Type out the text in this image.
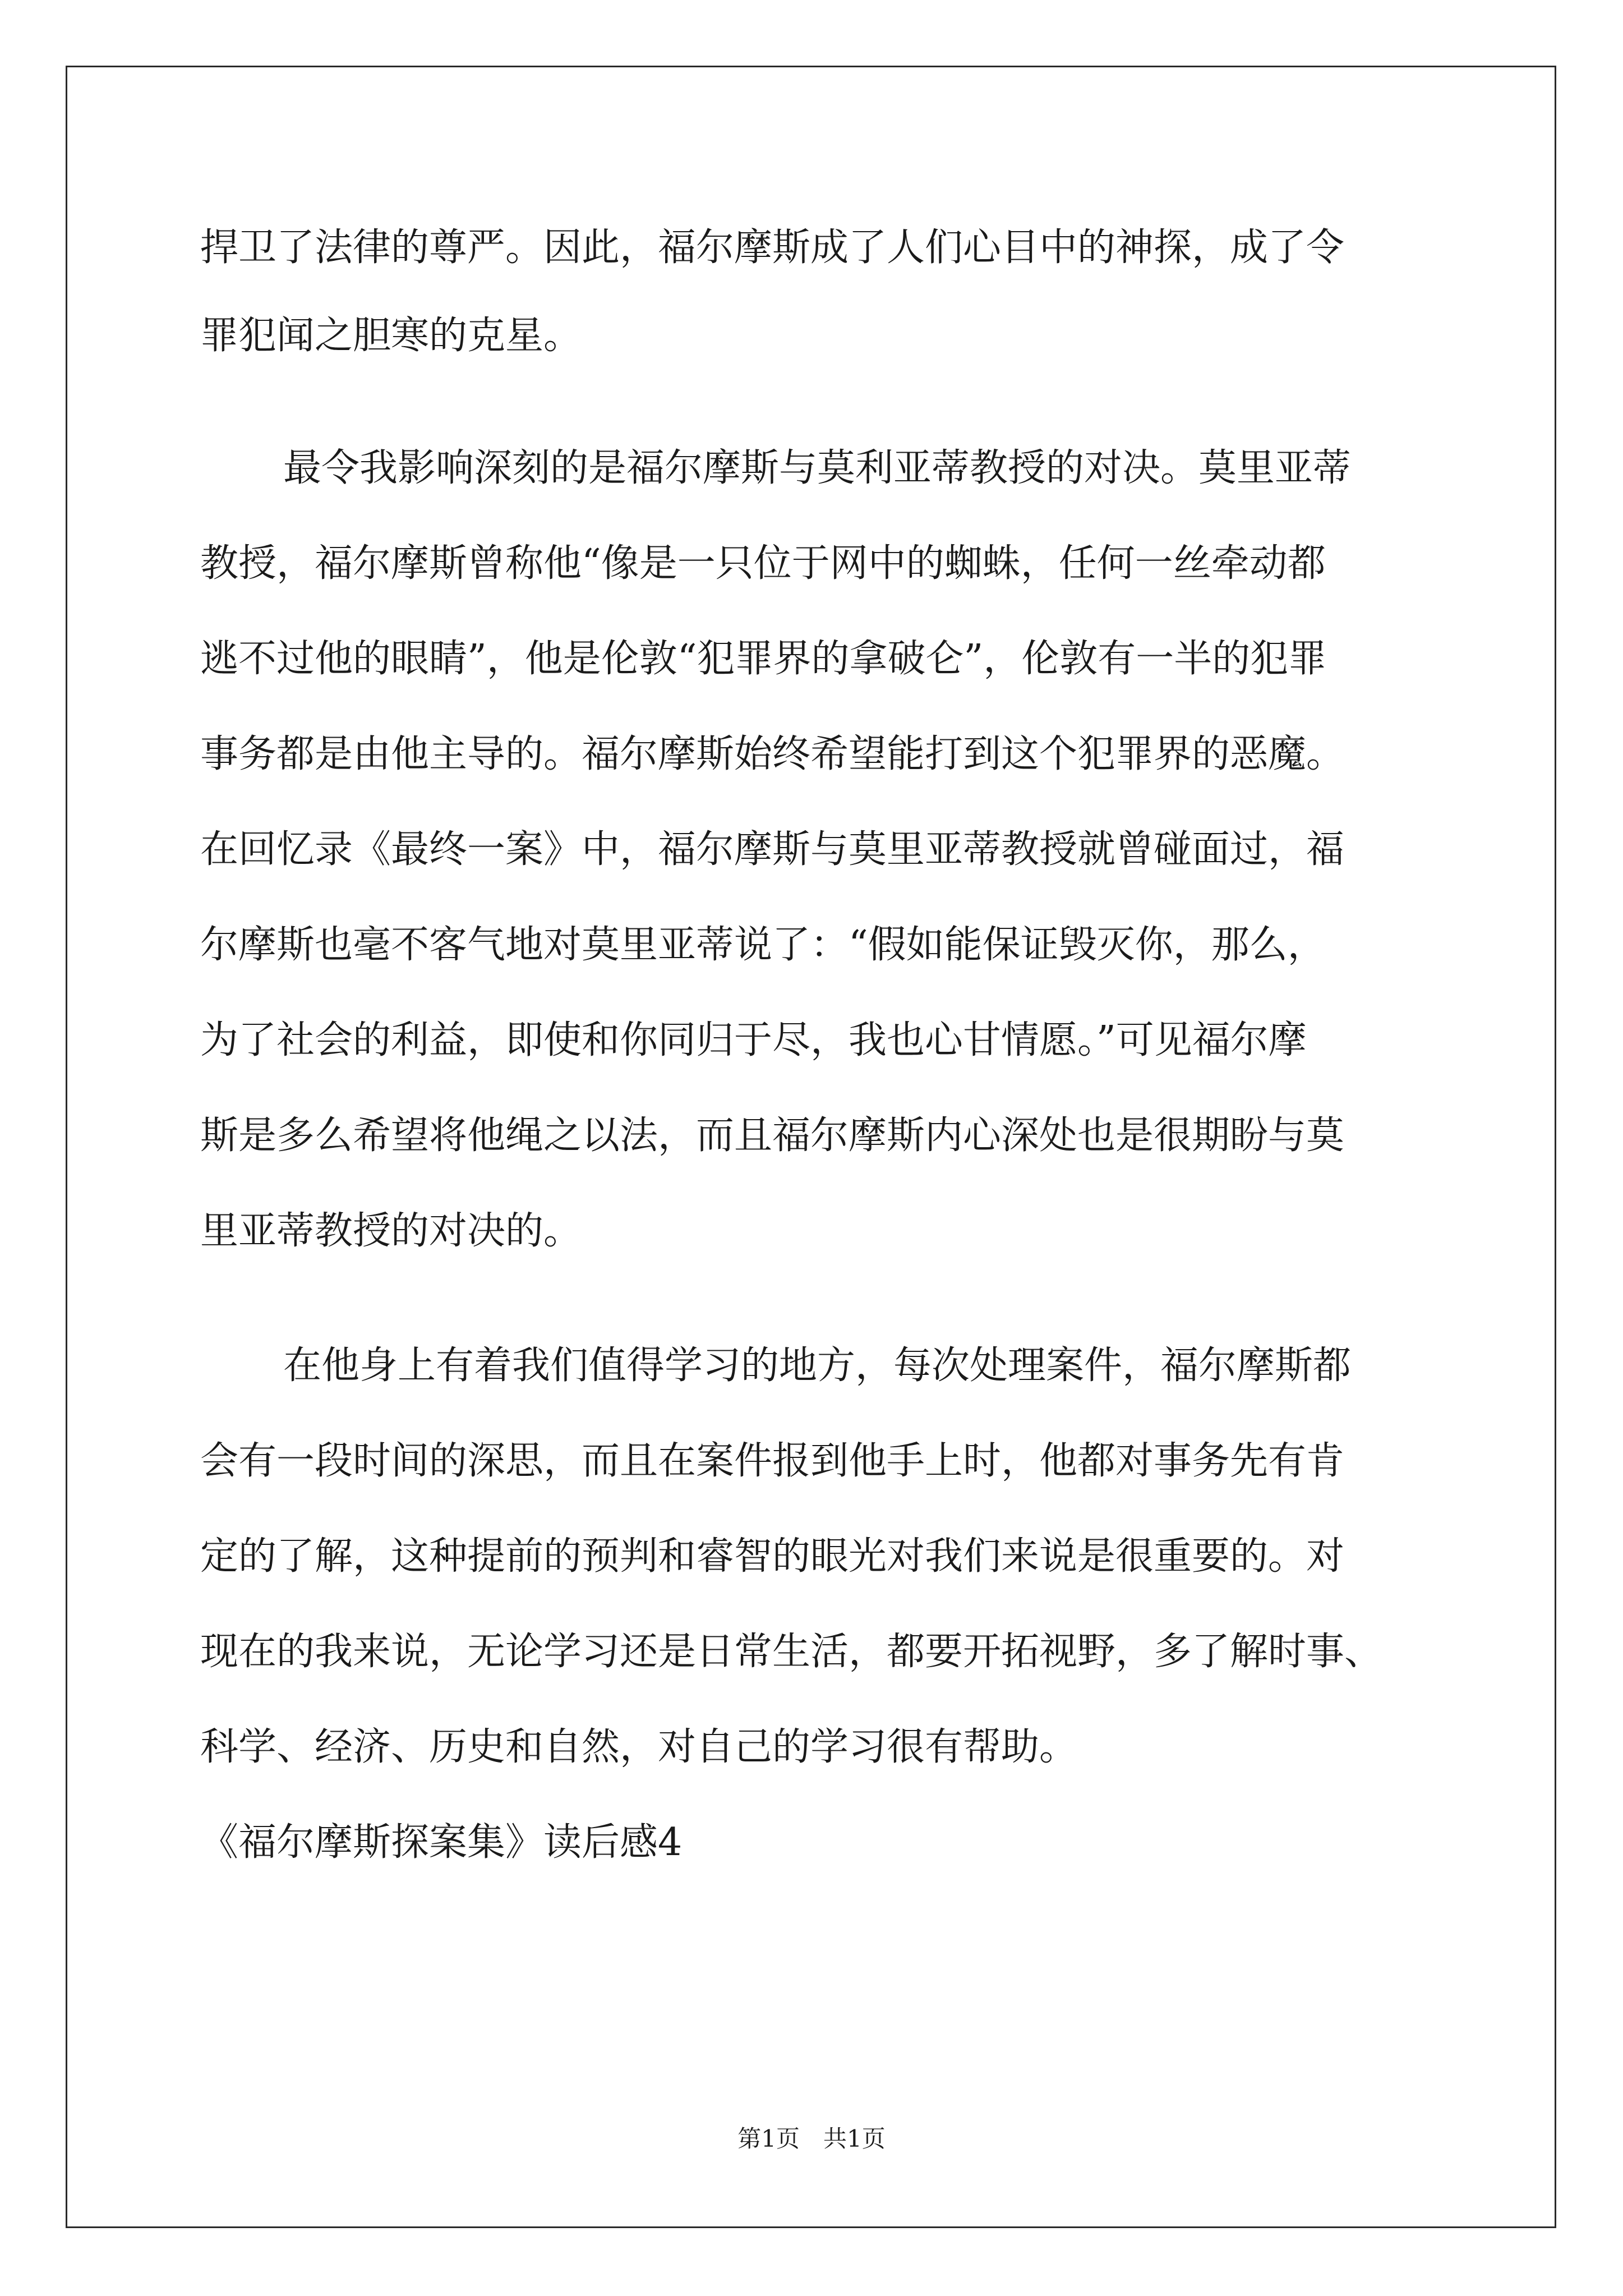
捍卫了法律的尊严。因此，福尔摩斯成了人们心目中的神探，成了令

罪犯闻之胆寒的克星。

最令我影响深刻的是福尔摩斯与莫利亚蒂教授的对决。莫里亚蒂

教授，福尔摩斯曾称他“像是一只位于网中的蜘蛛，任何一丝牵动都

逃不过他的眼睛”，他是伦敦“犯罪界的拿破仑”，伦敦有一半的犯罪

事务都是由他主导的。福尔摩斯始终希望能打到这个犯罪界的恶魔。

在回忆录《最终一案》中，福尔摩斯与莫里亚蒂教授就曾碰面过，福

尔摩斯也毫不客气地对莫里亚蒂说了：“假如能保证毁灭你，那么，

为了社会的利益，即使和你同归于尽，我也心甘情愿。”可见福尔摩

斯是多么希望将他绳之以法，而且福尔摩斯内心深处也是很期盼与莫

里亚蒂教授的对决的。

在他身上有着我们值得学习的地方，每次处理案件，福尔摩斯都

会有一段时间的深思，而且在案件报到他手上时，他都对事务先有肯

定的了解，这种提前的预判和睿智的眼光对我们来说是很重要的。对

现在的我来说，无论学习还是日常生活，都要开拓视野，多了解时事、

科学、经济、历史和自然，对自己的学习很有帮助。

《福尔摩斯探案集》读后感4

第1页　共1页
